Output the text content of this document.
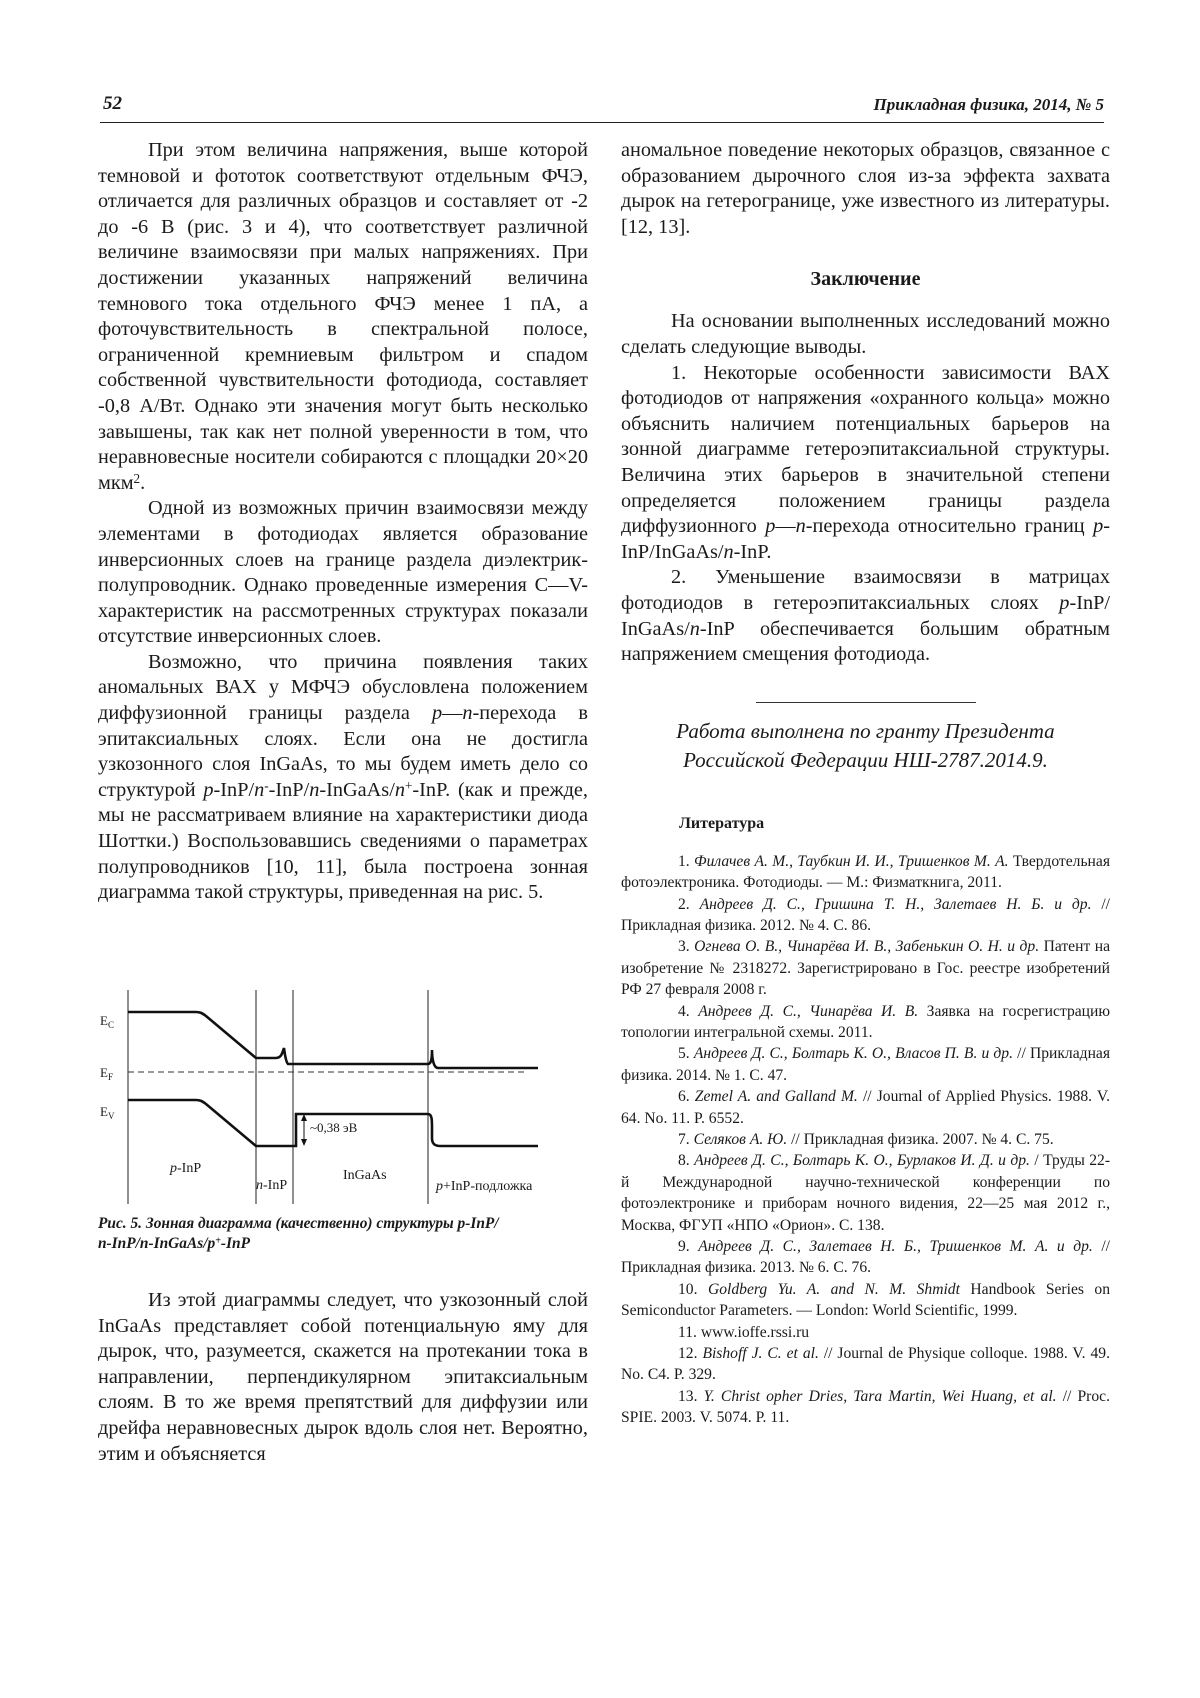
52	Прикладная физика, 2014, № 5

При этом величина напряжения, выше которой темновой и фототок соответствуют отдельным ФЧЭ, отличается для различных образцов и составляет от -2 до -6 В (рис. 3 и 4), что соответствует различной величине взаимосвязи при малых напряжениях. При достижении указанных напряжений величина темнового тока отдельного ФЧЭ менее 1 пА, а фоточувствительность в спектральной полосе, ограниченной кремниевым фильтром и спадом собственной чувствительности фотодиода, составляет -0,8 А/Вт. Однако эти значения могут быть несколько завышены, так как нет полной уверенности в том, что неравновесные носители собираются с площадки 20×20 мкм$^2$.

Одной из возможных причин взаимосвязи между элементами в фотодиодах является образование инверсионных слоев на границе раздела диэлектрик-полупроводник. Однако проведенные измерения C—V-характеристик на рассмотренных структурах показали отсутствие инверсионных слоев.

Возможно, что причина появления таких аномальных ВАХ у МФЧЭ обусловлена положением диффузионной границы раздела p—n-перехода в эпитаксиальных слоях. Если она не достигла узкозонного слоя InGaAs, то мы будем иметь дело со структурой p-InP/n--InP/n-InGaAs/n+-InP. (как и прежде, мы не рассматриваем влияние на характеристики диода Шоттки.) Воспользовавшись сведениями о параметрах полупроводников [10, 11], была построена зонная диаграмма такой структуры, приведенная на рис. 5.

$E_C$
$E_F$
$E_V$
~0,38 эВ
p-InP
n-InP
InGaAs
p+InP-подложка

Рис. 5. Зонная диаграмма (качественно) структуры p-InP/
n-InP/n-InGaAs/p+-InP

Из этой диаграммы следует, что узкозонный слой InGaAs представляет собой потенциальную яму для дырок, что, разумеется, скажется на протекании тока в направлении, перпендикулярном эпитаксиальным слоям. В то же время препятствий для диффузии или дрейфа неравновесных дырок вдоль слоя нет. Вероятно, этим и объясняется

аномальное поведение некоторых образцов, связанное с образованием дырочного слоя из-за эффекта захвата дырок на гетерогранице, уже известного из литературы. [12, 13].

Заключение

На основании выполненных исследований можно сделать следующие выводы.

1. Некоторые особенности зависимости ВАХ фотодиодов от напряжения «охранного кольца» можно объяснить наличием потенциальных барьеров на зонной диаграмме гетероэпитаксиальной структуры. Величина этих барьеров в значительной степени определяется положением границы раздела диффузионного p—n-перехода относительно границ p-InP/InGaAs/n-InP.

2. Уменьшение взаимосвязи в матрицах фотодиодов в гетероэпитаксиальных слоях p-InP/ InGaAs/n-InP обеспечивается большим обратным напряжением смещения фотодиода.

Работа выполнена по гранту Президента

Российской Федерации НШ-2787.2014.9.

Литература

1. Филачев А. М., Таубкин И. И., Тришенков М. А. Твердотельная фотоэлектроника. Фотодиоды. — М.: Физматкнига, 2011.

2. Андреев Д. С., Гришина Т. Н., Залетаев Н. Б. и др. // Прикладная физика. 2012. № 4. С. 86.

3. Огнева О. В., Чинарёва И. В., Забенькин О. Н. и др. Патент на изобретение № 2318272. Зарегистрировано в Гос. реестре изобретений РФ 27 февраля 2008 г.

4. Андреев Д. С., Чинарёва И. В. Заявка на госрегистрацию топологии интегральной схемы. 2011.

5. Андреев Д. С., Болтарь К. О., Власов П. В. и др. // Прикладная физика. 2014. № 1. С. 47.

6. Zemel A. and Galland M. // Journal of Applied Physics. 1988. V. 64. No. 11. P. 6552.

7. Селяков А. Ю. // Прикладная физика. 2007. № 4. С. 75.

8. Андреев Д. С., Болтарь К. О., Бурлаков И. Д. и др. / Труды 22-й Международной научно-технической конференции по фотоэлектронике и приборам ночного видения, 22—25 мая 2012 г., Москва, ФГУП «НПО «Орион». С. 138.

9. Андреев Д. С., Залетаев Н. Б., Тришенков М. А. и др. // Прикладная физика. 2013. № 6. С. 76.

10. Goldberg Yu. A. and N. M. Shmidt Handbook Series on Semiconductor Parameters. — London: World Scientific, 1999.

11. www.ioffe.rssi.ru

12. Bishoff J. C. et al. // Journal de Physique colloque. 1988. V. 49. No. C4. P. 329.

13. Y. Christ opher Dries, Tara Martin, Wei Huang, et al. // Proc. SPIE. 2003. V. 5074. P. 11.
